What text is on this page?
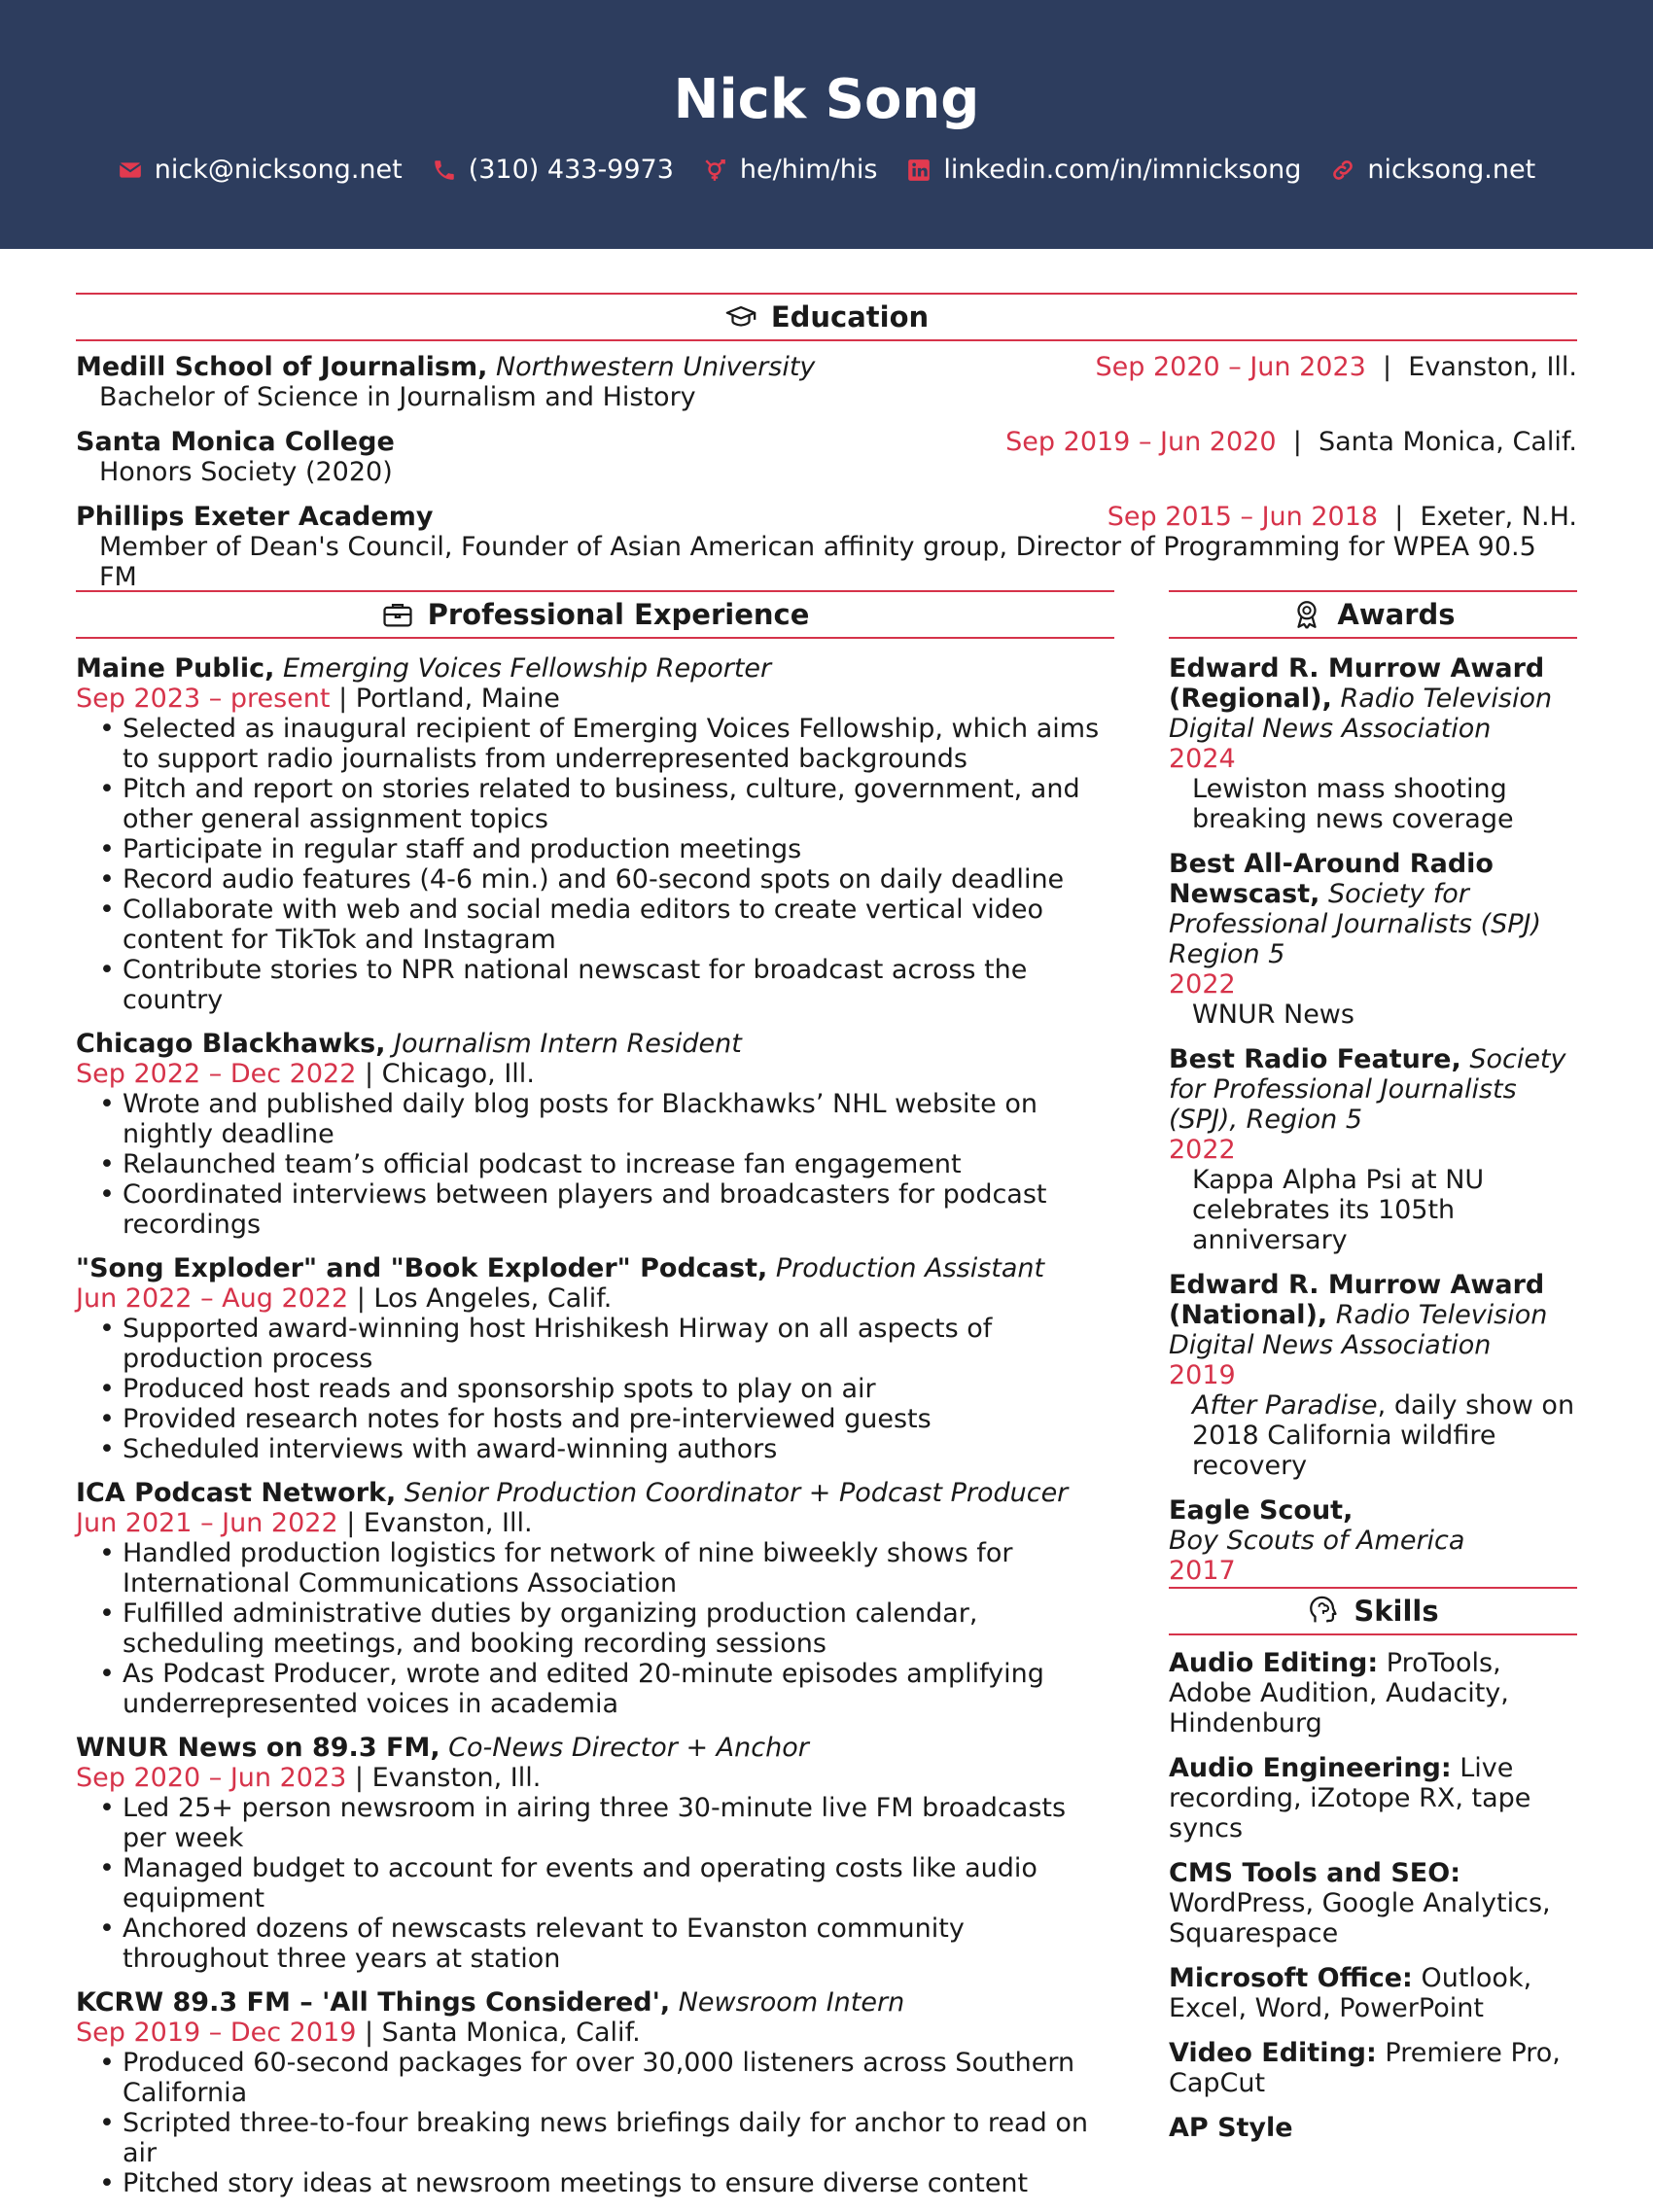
Nick Song
nick@nicksong.net	(310) 433-9973	he/him/his	linkedin.com/in/imnicksong	nicksong.net
Education
Medill School of Journalism, Northwestern University	Sep 2020 – Jun 2023 | Evanston, Ill.
Bachelor of Science in Journalism and History
Santa Monica College	Sep 2019 – Jun 2020 | Santa Monica, Calif.
Honors Society (2020)
Phillips Exeter Academy	Sep 2015 – Jun 2018 | Exeter, N.H.
Member of Dean's Council, Founder of Asian American affinity group, Director of Programming for WPEA 90.5 FM
Professional Experience
Maine Public, Emerging Voices Fellowship Reporter
Sep 2023 – present | Portland, Maine
• Selected as inaugural recipient of Emerging Voices Fellowship, which aims to support radio journalists from underrepresented backgrounds
• Pitch and report on stories related to business, culture, government, and other general assignment topics
• Participate in regular staff and production meetings
• Record audio features (4-6 min.) and 60-second spots on daily deadline
• Collaborate with web and social media editors to create vertical video content for TikTok and Instagram
• Contribute stories to NPR national newscast for broadcast across the country
Chicago Blackhawks, Journalism Intern Resident
Sep 2022 – Dec 2022 | Chicago, Ill.
• Wrote and published daily blog posts for Blackhawks’ NHL website on nightly deadline
• Relaunched team’s official podcast to increase fan engagement
• Coordinated interviews between players and broadcasters for podcast recordings
"Song Exploder" and "Book Exploder" Podcast, Production Assistant
Jun 2022 – Aug 2022 | Los Angeles, Calif.
• Supported award-winning host Hrishikesh Hirway on all aspects of production process
• Produced host reads and sponsorship spots to play on air
• Provided research notes for hosts and pre-interviewed guests
• Scheduled interviews with award-winning authors
ICA Podcast Network, Senior Production Coordinator + Podcast Producer
Jun 2021 – Jun 2022 | Evanston, Ill.
• Handled production logistics for network of nine biweekly shows for International Communications Association
• Fulfilled administrative duties by organizing production calendar, scheduling meetings, and booking recording sessions
• As Podcast Producer, wrote and edited 20-minute episodes amplifying underrepresented voices in academia
WNUR News on 89.3 FM, Co-News Director + Anchor
Sep 2020 – Jun 2023 | Evanston, Ill.
• Led 25+ person newsroom in airing three 30-minute live FM broadcasts per week
• Managed budget to account for events and operating costs like audio equipment
• Anchored dozens of newscasts relevant to Evanston community throughout three years at station
KCRW 89.3 FM – 'All Things Considered', Newsroom Intern
Sep 2019 – Dec 2019 | Santa Monica, Calif.
• Produced 60-second packages for over 30,000 listeners across Southern California
• Scripted three-to-four breaking news briefings daily for anchor to read on air
• Pitched story ideas at newsroom meetings to ensure diverse content
Awards
Edward R. Murrow Award (Regional), Radio Television Digital News Association
2024
Lewiston mass shooting breaking news coverage
Best All-Around Radio Newscast, Society for Professional Journalists (SPJ) Region 5
2022
WNUR News
Best Radio Feature, Society for Professional Journalists (SPJ), Region 5
2022
Kappa Alpha Psi at NU celebrates its 105th anniversary
Edward R. Murrow Award (National), Radio Television Digital News Association
2019
After Paradise, daily show on 2018 California wildfire recovery
Eagle Scout,
Boy Scouts of America
2017
Skills
Audio Editing: ProTools, Adobe Audition, Audacity, Hindenburg
Audio Engineering: Live recording, iZotope RX, tape syncs
CMS Tools and SEO: WordPress, Google Analytics, Squarespace
Microsoft Office: Outlook, Excel, Word, PowerPoint
Video Editing: Premiere Pro, CapCut
AP Style
